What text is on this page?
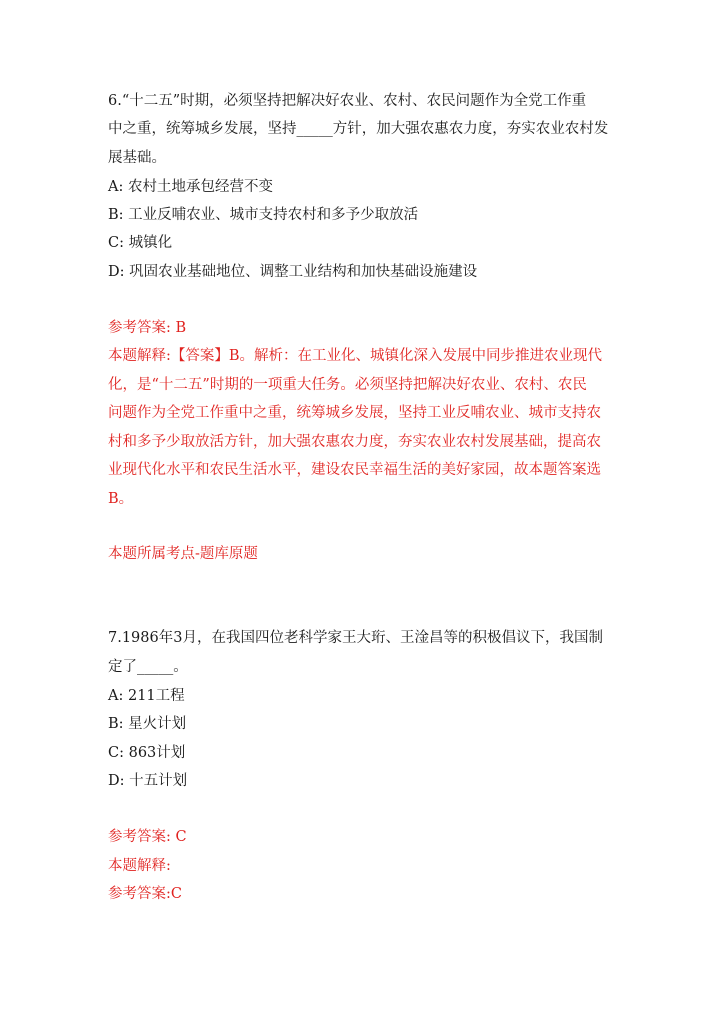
6.“十二五”时期，必须坚持把解决好农业、农村、农民问题作为全党工作重
中之重，统筹城乡发展，坚持_____方针，加大强农惠农力度，夯实农业农村发
展基础。
A: 农村土地承包经营不变
B: 工业反哺农业、城市支持农村和多予少取放活
C: 城镇化
D: 巩固农业基础地位、调整工业结构和加快基础设施建设
参考答案: B
本题解释:【答案】B。解析：在工业化、城镇化深入发展中同步推进农业现代
化，是“十二五”时期的一项重大任务。必须坚持把解决好农业、农村、农民
问题作为全党工作重中之重，统筹城乡发展，坚持工业反哺农业、城市支持农
村和多予少取放活方针，加大强农惠农力度，夯实农业农村发展基础，提高农
业现代化水平和农民生活水平，建设农民幸福生活的美好家园，故本题答案选
B。
本题所属考点-题库原题
7.1986年3月，在我国四位老科学家王大珩、王淦昌等的积极倡议下，我国制
定了_____。
A: 211工程
B: 星火计划
C: 863计划
D: 十五计划
参考答案: C
本题解释:
参考答案:C
